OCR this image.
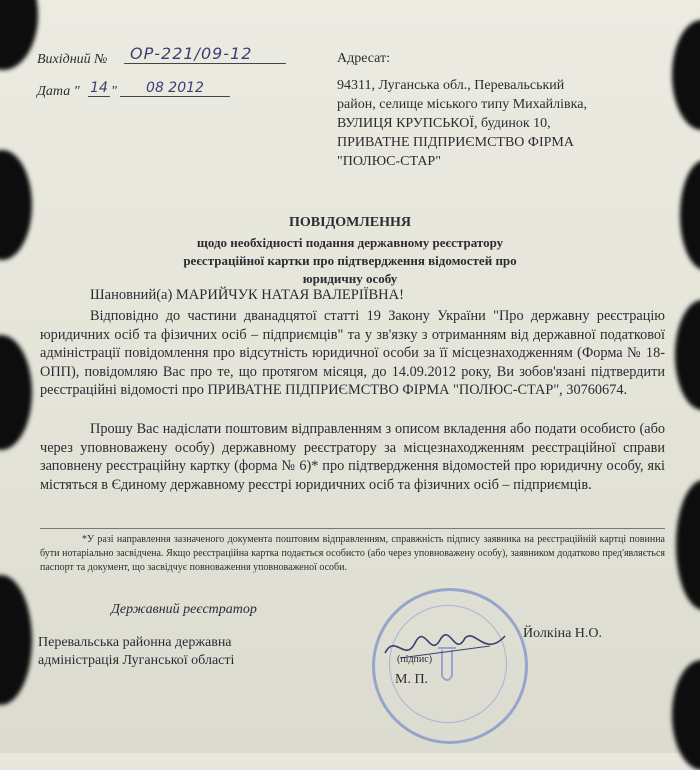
Вихідний №	ОР-221/09-12
Дата " 14 "	08 2012
Адресат:
94311, Луганська обл., Перевальський
район, селище міського типу Михайлівка,
ВУЛИЦЯ КРУПСЬКОЇ, будинок 10,
ПРИВАТНЕ ПІДПРИЄМСТВО ФІРМА
"ПОЛЮС-СТАР"
ПОВІДОМЛЕННЯ
щодо необхідності подання державному реєстратору реєстраційної картки про підтвердження відомостей про юридичну особу
Шановний(а) МАРИЙЧУК НАТАЯ ВАЛЕРІЇВНА!
Відповідно до частини дванадцятої статті 19 Закону України "Про державну реєстрацію юридичних осіб та фізичних осіб – підприємців" та у зв'язку з отриманням від державної податкової адміністрації повідомлення про відсутність юридичної особи за її місцезнаходженням (Форма № 18-ОПП), повідомляю Вас про те, що протягом місяця, до 14.09.2012 року, Ви зобов'язані підтвердити реєстраційні відомості про ПРИВАТНЕ ПІДПРИЄМСТВО ФІРМА "ПОЛЮС-СТАР", 30760674.
Прошу Вас надіслати поштовим відправленням з описом вкладення або подати особисто (або через уповноважену особу) державному реєстратору за місцезнаходженням реєстраційної справи заповнену реєстраційну картку (форма № 6)* про підтвердження відомостей про юридичну особу, які містяться в Єдиному державному реєстрі юридичних осіб та фізичних осіб – підприємців.
*У разі направлення зазначеного документа поштовим відправленням, справжність підпису заявника на реєстраційній картці повинна бути нотаріально засвідчена. Якщо реєстраційна картка подається особисто (або через уповноважену особу), заявником додатково пред'являється паспорт та документ, що засвідчує повноваження уповноваженої особи.
Державний реєстратор
Перевальська районна державна
адміністрація Луганської області
Йолкіна Н.О.
(підпис)
М. П.
